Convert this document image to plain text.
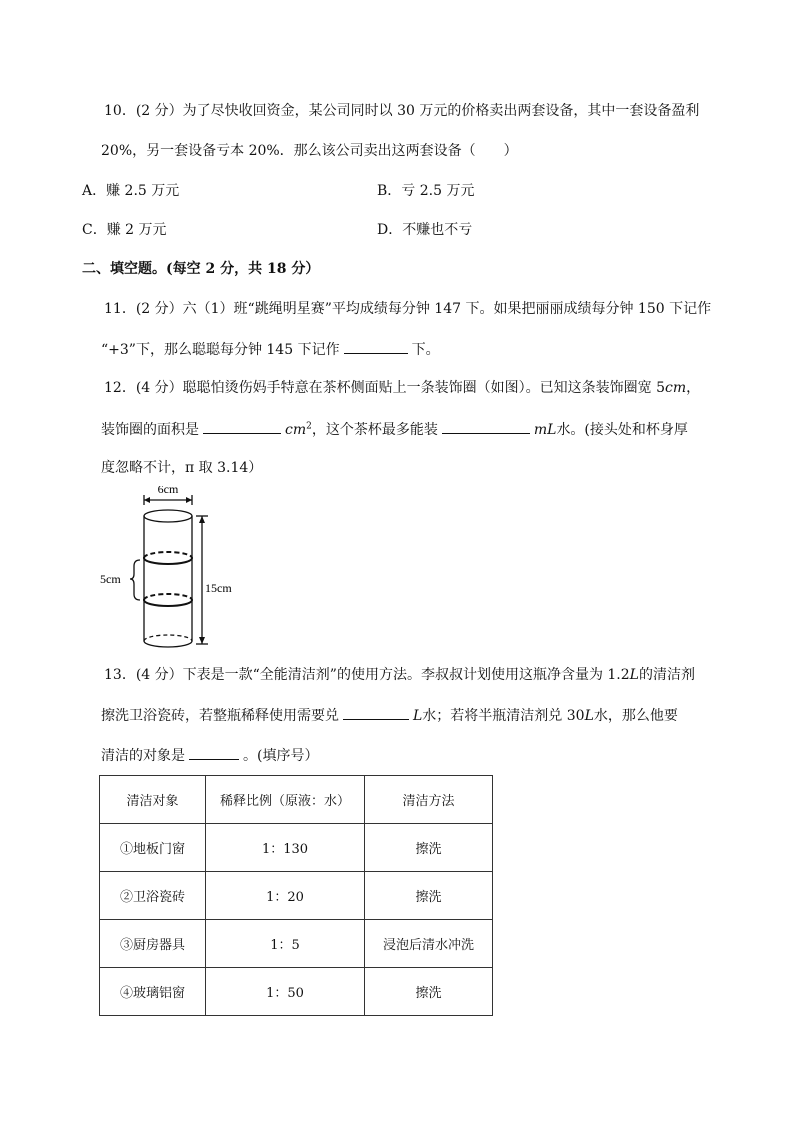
10．(2 分）为了尽快收回资金，某公司同时以 30 万元的价格卖出两套设备，其中一套设备盈利
20%，另一套设备亏本 20%．那么该公司卖出这两套设备（　　）
A．赚 2.5 万元	B．亏 2.5 万元
C．赚 2 万元	D．不赚也不亏
二、填空题。(每空 2 分，共 18 分）
11．(2 分）六（1）班“跳绳明星赛”平均成绩每分钟 147 下。如果把丽丽成绩每分钟 150 下记作
“+3”下，那么聪聪每分钟 145 下记作	下。
12．(4 分）聪聪怕烫伤妈手特意在茶杯侧面贴上一条装饰圈（如图）。已知这条装饰圈宽 5cm，
装饰圈的面积是	$cm^2$，这个茶杯最多能装	mL水。(接头处和杯身厚
度忽略不计，π 取 3.14）
6cm
5cm
15cm
13．(4 分）下表是一款“全能清洁剂”的使用方法。李叔叔计划使用这瓶净含量为 1.2L的清洁剂
擦洗卫浴瓷砖，若整瓶稀释使用需要兑	L水；若将半瓶清洁剂兑 30L水，那么他要
清洁的对象是	。(填序号）
清洁对象	稀释比例（原液：水）	清洁方法
①地板门窗	1：130	擦洗
②卫浴瓷砖	1：20	擦洗
③厨房器具	1：5	浸泡后清水冲洗
④玻璃铝窗	1：50	擦洗
